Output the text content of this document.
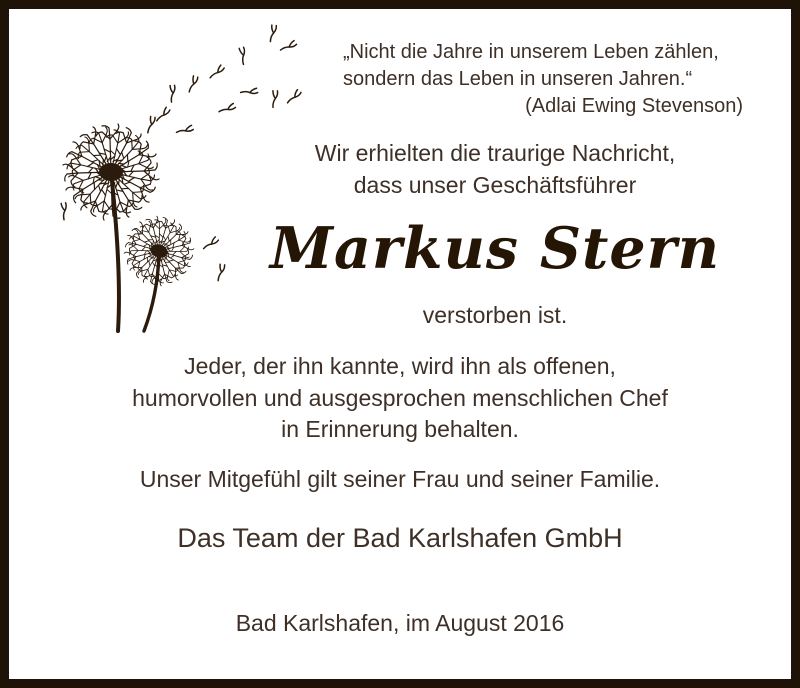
„Nicht die Jahre in unserem Leben zählen,
sondern das Leben in unseren Jahren.“
(Adlai Ewing Stevenson)
Wir erhielten die traurige Nachricht,
dass unser Geschäftsführer
Markus Stern
verstorben ist.
Jeder, der ihn kannte, wird ihn als offenen,
humorvollen und ausgesprochen menschlichen Chef
in Erinnerung behalten.
Unser Mitgefühl gilt seiner Frau und seiner Familie.
Das Team der Bad Karlshafen GmbH
Bad Karlshafen, im August 2016
